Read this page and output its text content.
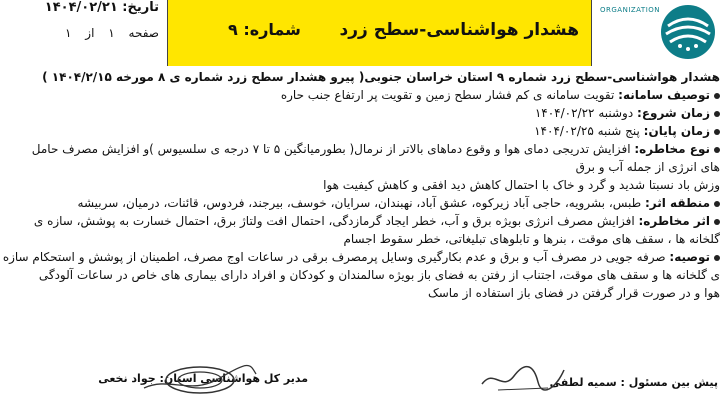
تاریخ: ۱۴۰۴/۰۲/۲۱
صفحه ۱ از ۱	هشدار هواشناسی-سطح زرد
شماره: ۹
ORGANIZATION
هشدار هواشناسی-سطح زرد شماره ۹ استان خراسان جنوبی( پیرو هشدار سطح زرد شماره ی ۸ مورخه ۱۴۰۴/۲/۱۵ )
توصیف سامانه: تقویت سامانه ی کم فشار سطح زمین و تقویت پر ارتفاع جنب حاره
زمان شروع: دوشنبه ۱۴۰۴/۰۲/۲۲
زمان پایان: پنج شنبه ۱۴۰۴/۰۲/۲۵
نوع مخاطره: افزایش تدریجی دمای هوا و وقوع دماهای بالاتر از نرمال( بطورمیانگین ۵ تا ۷ درجه ی سلسیوس )و افزایش مصرف حامل
های انرژی از جمله آب و برق
وزش باد نسبتا شدید و گرد و خاک با احتمال کاهش دید افقی و کاهش کیفیت هوا
منطقه اثر: طبس، بشرویه، حاجی آباد زیرکوه، عشق آباد، نهبندان، سرایان، خوسف، بیرجند، فردوس، قائنات، درمیان، سربیشه
اثر مخاطره: افزایش مصرف انرژی بویژه برق و آب، خطر ایجاد گرمازدگی، احتمال افت ولتاژ برق، احتمال خسارت به پوشش، سازه ی
گلخانه ها ، سقف های موقت ، بنرها و تابلوهای تبلیغاتی، خطر سقوط اجسام
توصیه: صرفه جویی در مصرف آب و برق و عدم بکارگیری وسایل پرمصرف برقی در ساعات اوج مصرف، اطمینان از پوشش و استحکام سازه
ی گلخانه ها و سقف های موقت، اجتناب از رفتن به فضای باز بویژه سالمندان و کودکان و افراد دارای بیماری های خاص در ساعات آلودگی
هوا و در صورت قرار گرفتن در فضای باز استفاده از ماسک
پیش بین مسئول : سمیه لطفی
مدیر کل هواشناسی استان: جواد نخعی
